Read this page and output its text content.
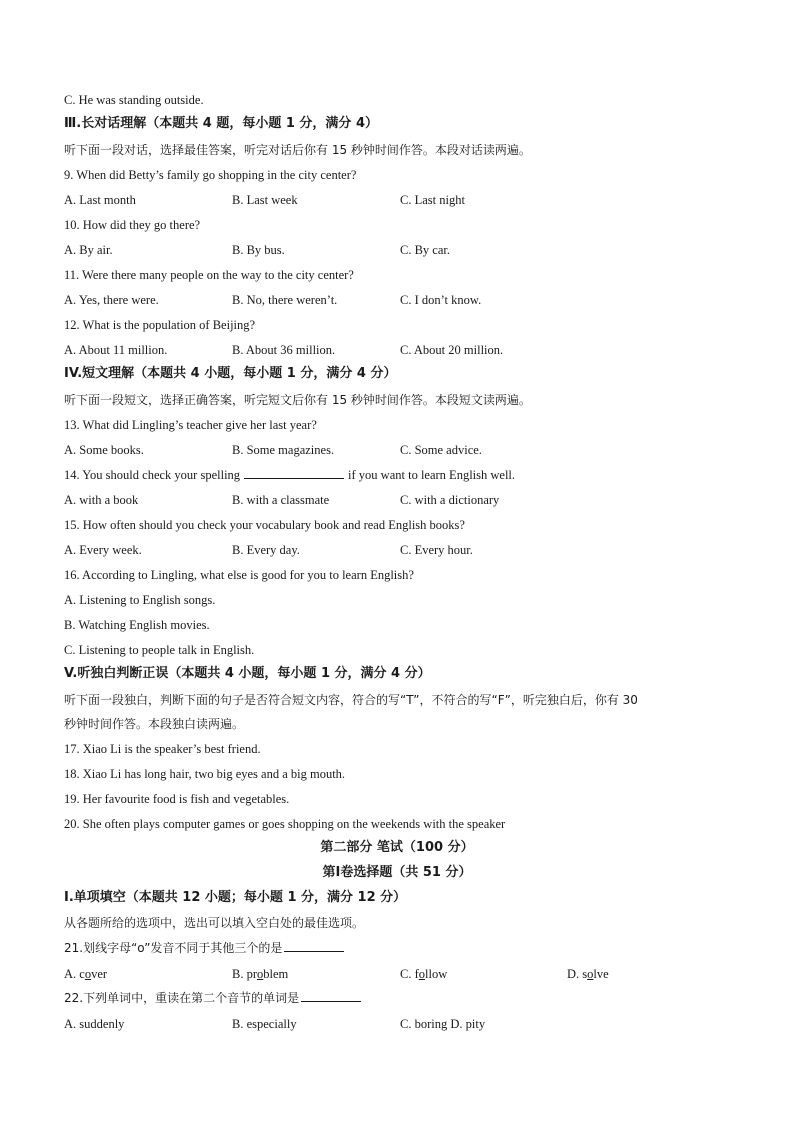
C. He was standing outside.
Ⅲ.长对话理解（本题共 4 题，每小题 1 分，满分 4）
听下面一段对话，选择最佳答案，听完对话后你有 15 秒钟时间作答。本段对话读两遍。
9. When did Betty’s family go shopping in the city center?
A. Last month	B. Last week	C. Last night
10. How did they go there?
A. By air.	B. By bus.	C. By car.
11. Were there many people on the way to the city center?
A. Yes, there were.	B. No, there weren’t.	C. I don’t know.
12. What is the population of Beijing?
A. About 11 million.	B. About 36 million.	C. About 20 million.
IV.短文理解（本题共 4 小题，每小题 1 分，满分 4 分）
听下面一段短文，选择正确答案，听完短文后你有 15 秒钟时间作答。本段短文读两遍。
13. What did Lingling’s teacher give her last year?
A. Some books.	B. Some magazines.	C. Some advice.
14. You should check your spelling	if you want to learn English well.
A. with a book	B. with a classmate	C. with a dictionary
15. How often should you check your vocabulary book and read English books?
A. Every week.	B. Every day.	C. Every hour.
16. According to Lingling, what else is good for you to learn English?
A. Listening to English songs.
B. Watching English movies.
C. Listening to people talk in English.
V.听独白判断正误（本题共 4 小题，每小题 1 分，满分 4 分）
听下面一段独白，判断下面的句子是否符合短文内容，符合的写“T”，不符合的写“F”，听完独白后，你有 30
秒钟时间作答。本段独白读两遍。
17. Xiao Li is the speaker’s best friend.
18. Xiao Li has long hair, two big eyes and a big mouth.
19. Her favourite food is fish and vegetables.
20. She often plays computer games or goes shopping on the weekends with the speaker
第二部分 笔试（100 分）
第Ⅰ卷选择题（共 51 分）
Ⅰ.单项填空（本题共 12 小题；每小题 1 分，满分 12 分）
从各题所给的选项中，选出可以填入空白处的最佳选项。
21.划线字母“o”发音不同于其他三个的是
A. cover	B. problem	C. follow	D. solve
22.下列单词中，重读在第二个音节的单词是
A. suddenly	B. especially	C. boring D. pity
